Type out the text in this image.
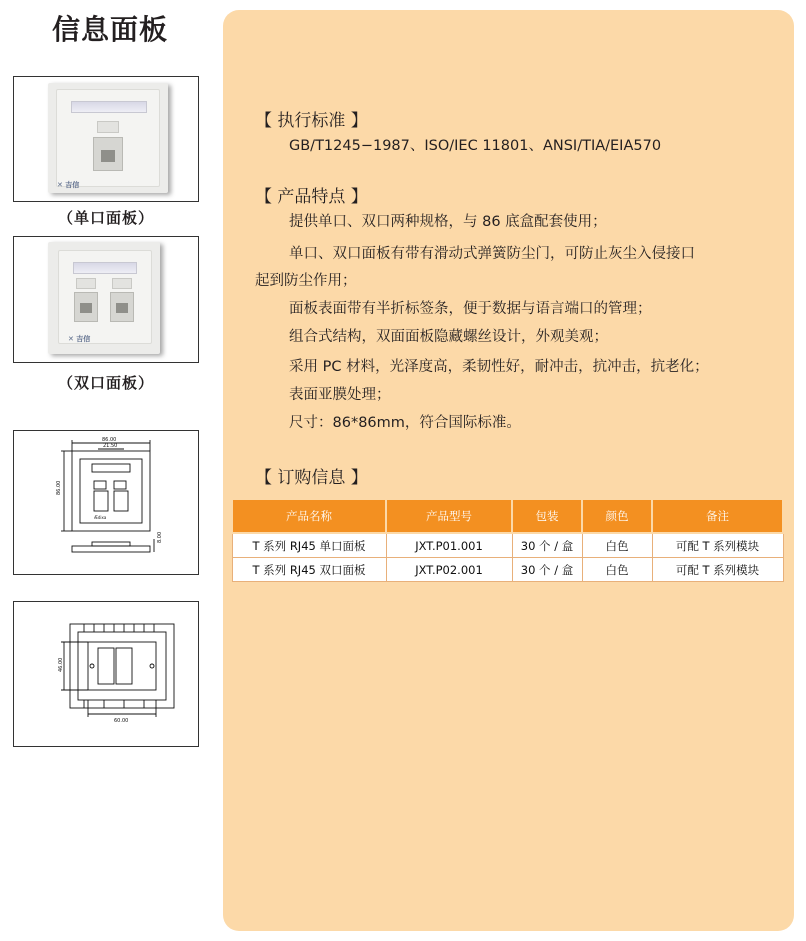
信息面板
✕ 吉信
（单口面板）
✕ 吉信
（双口面板）
86.00
21.50
86.00
8.00
Ædixa
46.00
60.00
【 执行标准 】
GB/T1245−1987、ISO/IEC 11801、ANSI/TIA/EIA570
【 产品特点 】
提供单口、双口两种规格，与 86 底盒配套使用；
单口、双口面板有带有滑动式弹簧防尘门，可防止灰尘入侵接口
起到防尘作用；
面板表面带有半折标签条，便于数据与语言端口的管理；
组合式结构，双面面板隐藏螺丝设计，外观美观；
采用 PC 材料，光泽度高，柔韧性好，耐冲击，抗冲击，抗老化；
表面亚膜处理；
尺寸：86*86mm，符合国际标准。
【 订购信息 】
产品名称	产品型号	包装	颜色	备注
T 系列 RJ45 单口面板	JXT.P01.001	30 个 / 盒	白色	可配 T 系列模块
T 系列 RJ45 双口面板	JXT.P02.001	30 个 / 盒	白色	可配 T 系列模块
